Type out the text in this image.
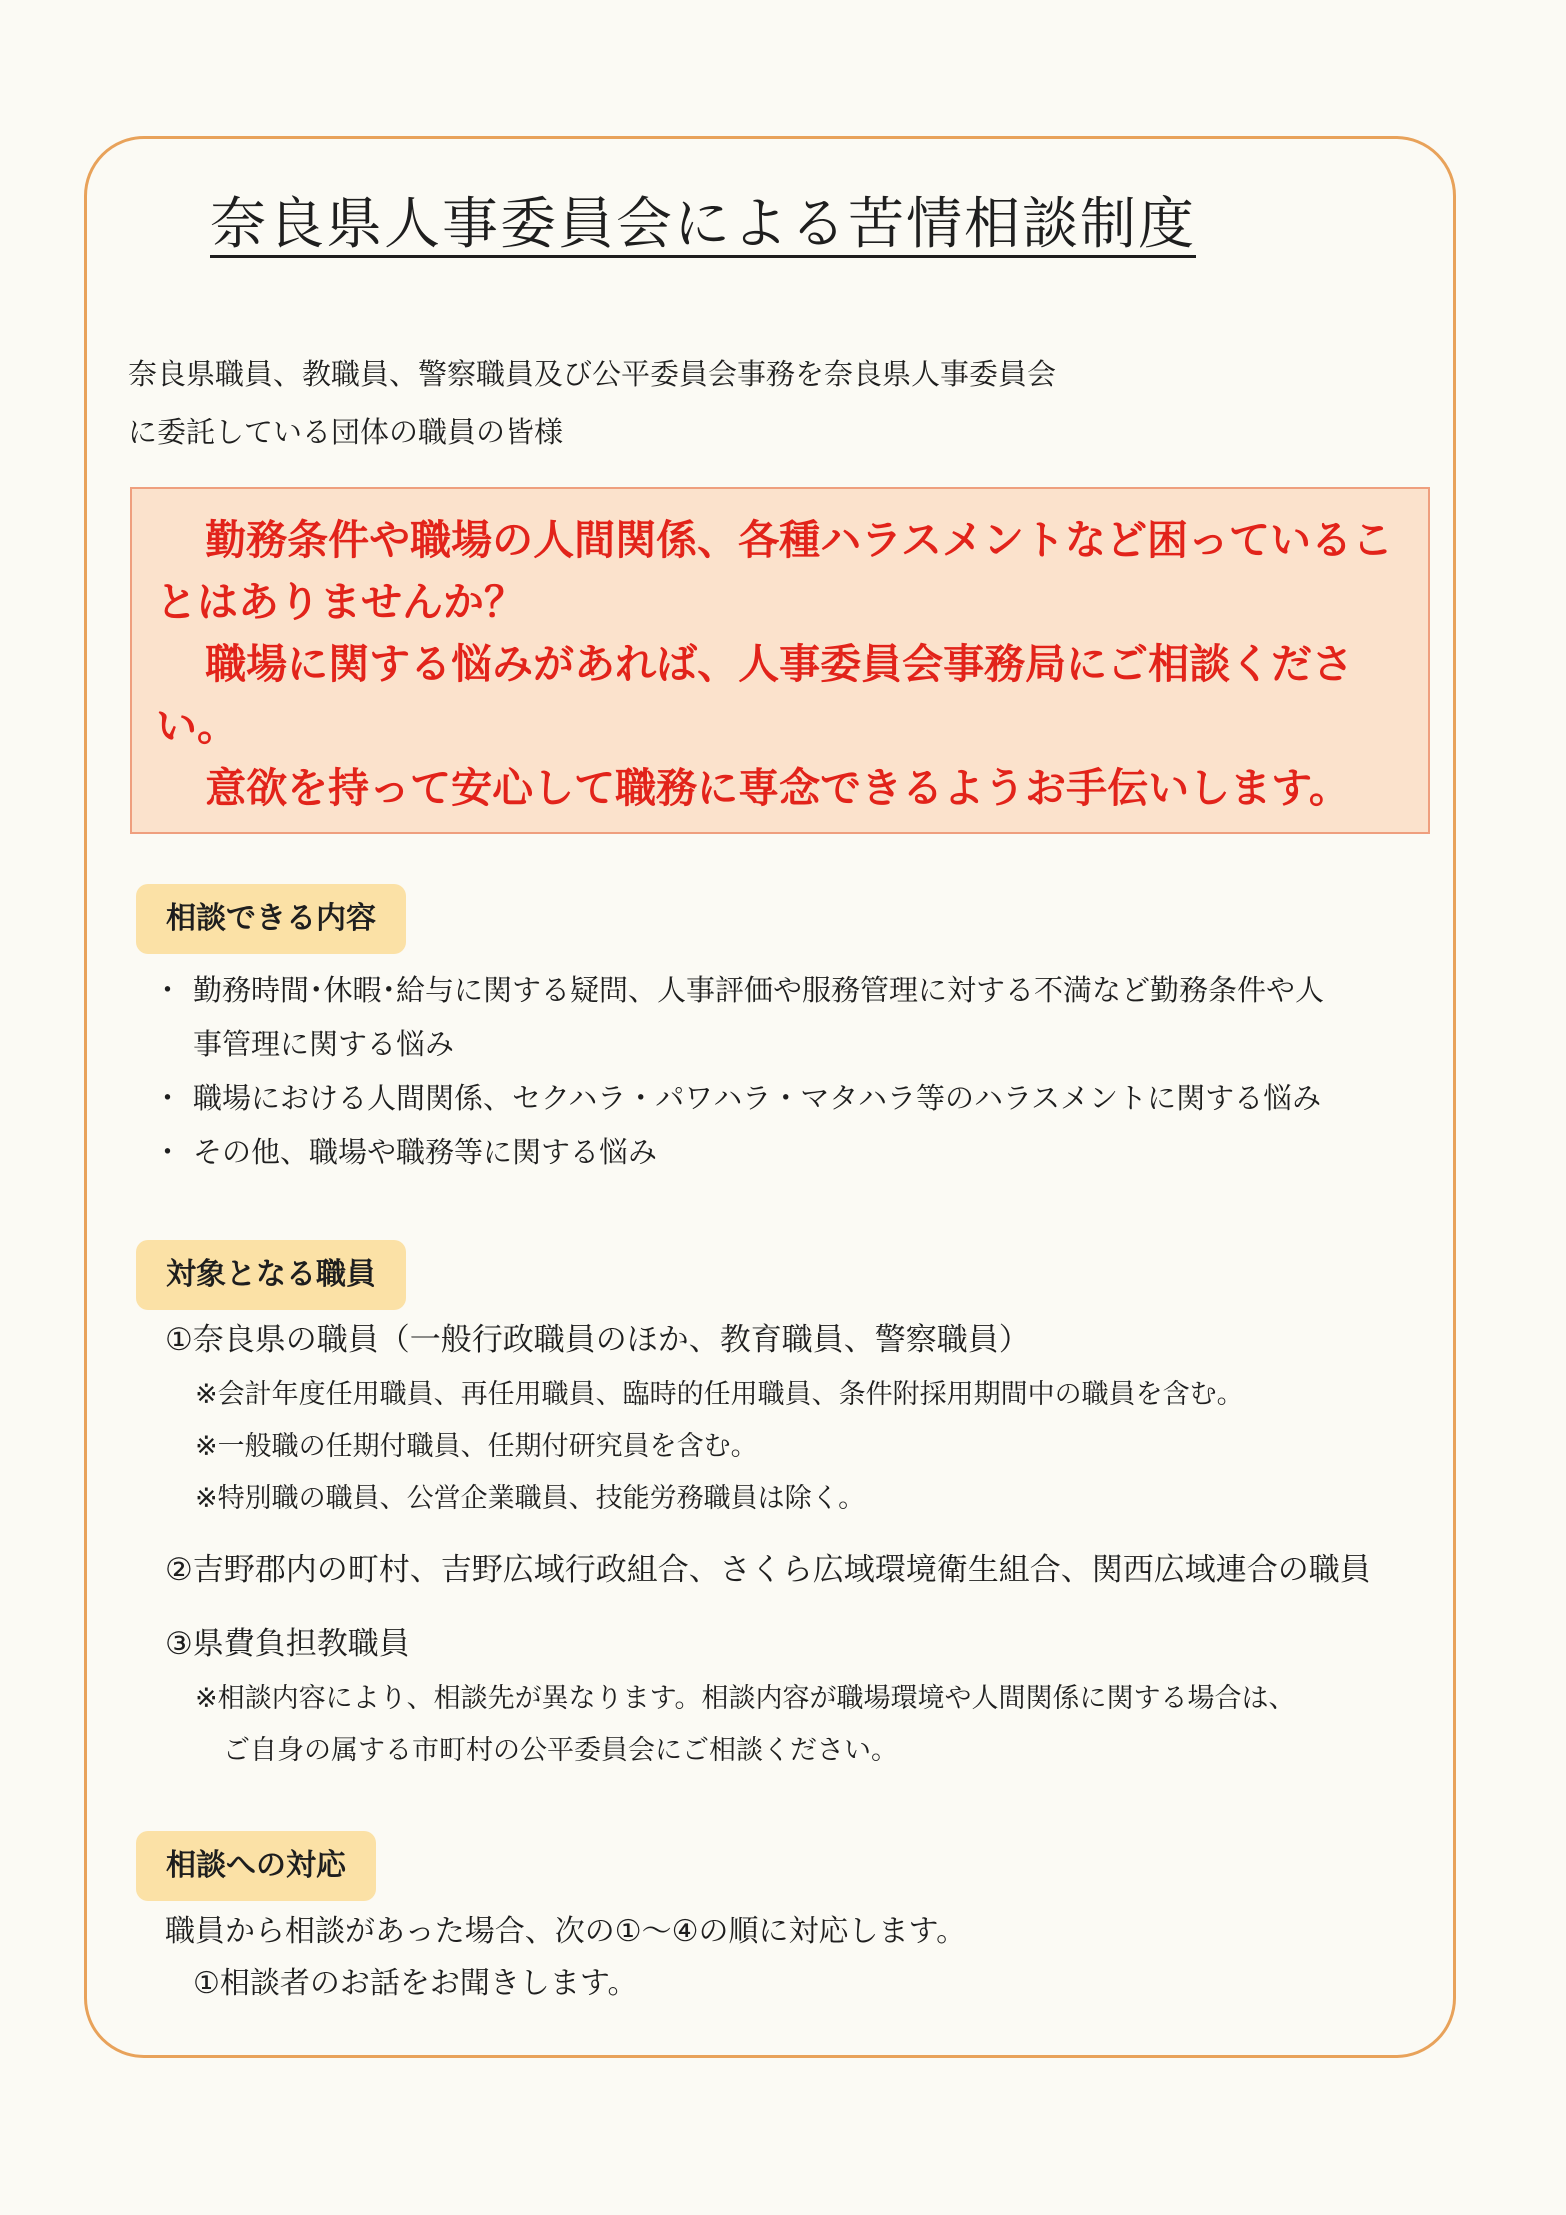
奈良県人事委員会による苦情相談制度
奈良県職員、教職員、警察職員及び公平委員会事務を奈良県人事委員会
に委託している団体の職員の皆様

勤務条件や職場の人間関係、各種ハラスメントなど困っていることはありませんか？

職場に関する悩みがあれば、人事委員会事務局にご相談ください。

意欲を持って安心して職務に専念できるようお手伝いします。

相談できる内容
・ 勤務時間･休暇･給与に関する疑問、人事評価や服務管理に対する不満など勤務条件や人
事管理に関する悩み
・ 職場における人間関係、セクハラ・パワハラ・マタハラ等のハラスメントに関する悩み
・ その他、職場や職務等に関する悩み
対象となる職員
①奈良県の職員（一般行政職員のほか、教育職員、警察職員）
※会計年度任用職員、再任用職員、臨時的任用職員、条件附採用期間中の職員を含む。
※一般職の任期付職員、任期付研究員を含む。
※特別職の職員、公営企業職員、技能労務職員は除く。
②吉野郡内の町村、吉野広域行政組合、さくら広域環境衛生組合、関西広域連合の職員
③県費負担教職員
※相談内容により、相談先が異なります。相談内容が職場環境や人間関係に関する場合は、
ご自身の属する市町村の公平委員会にご相談ください。
相談への対応
職員から相談があった場合、次の①～④の順に対応します。
①相談者のお話をお聞きします。
